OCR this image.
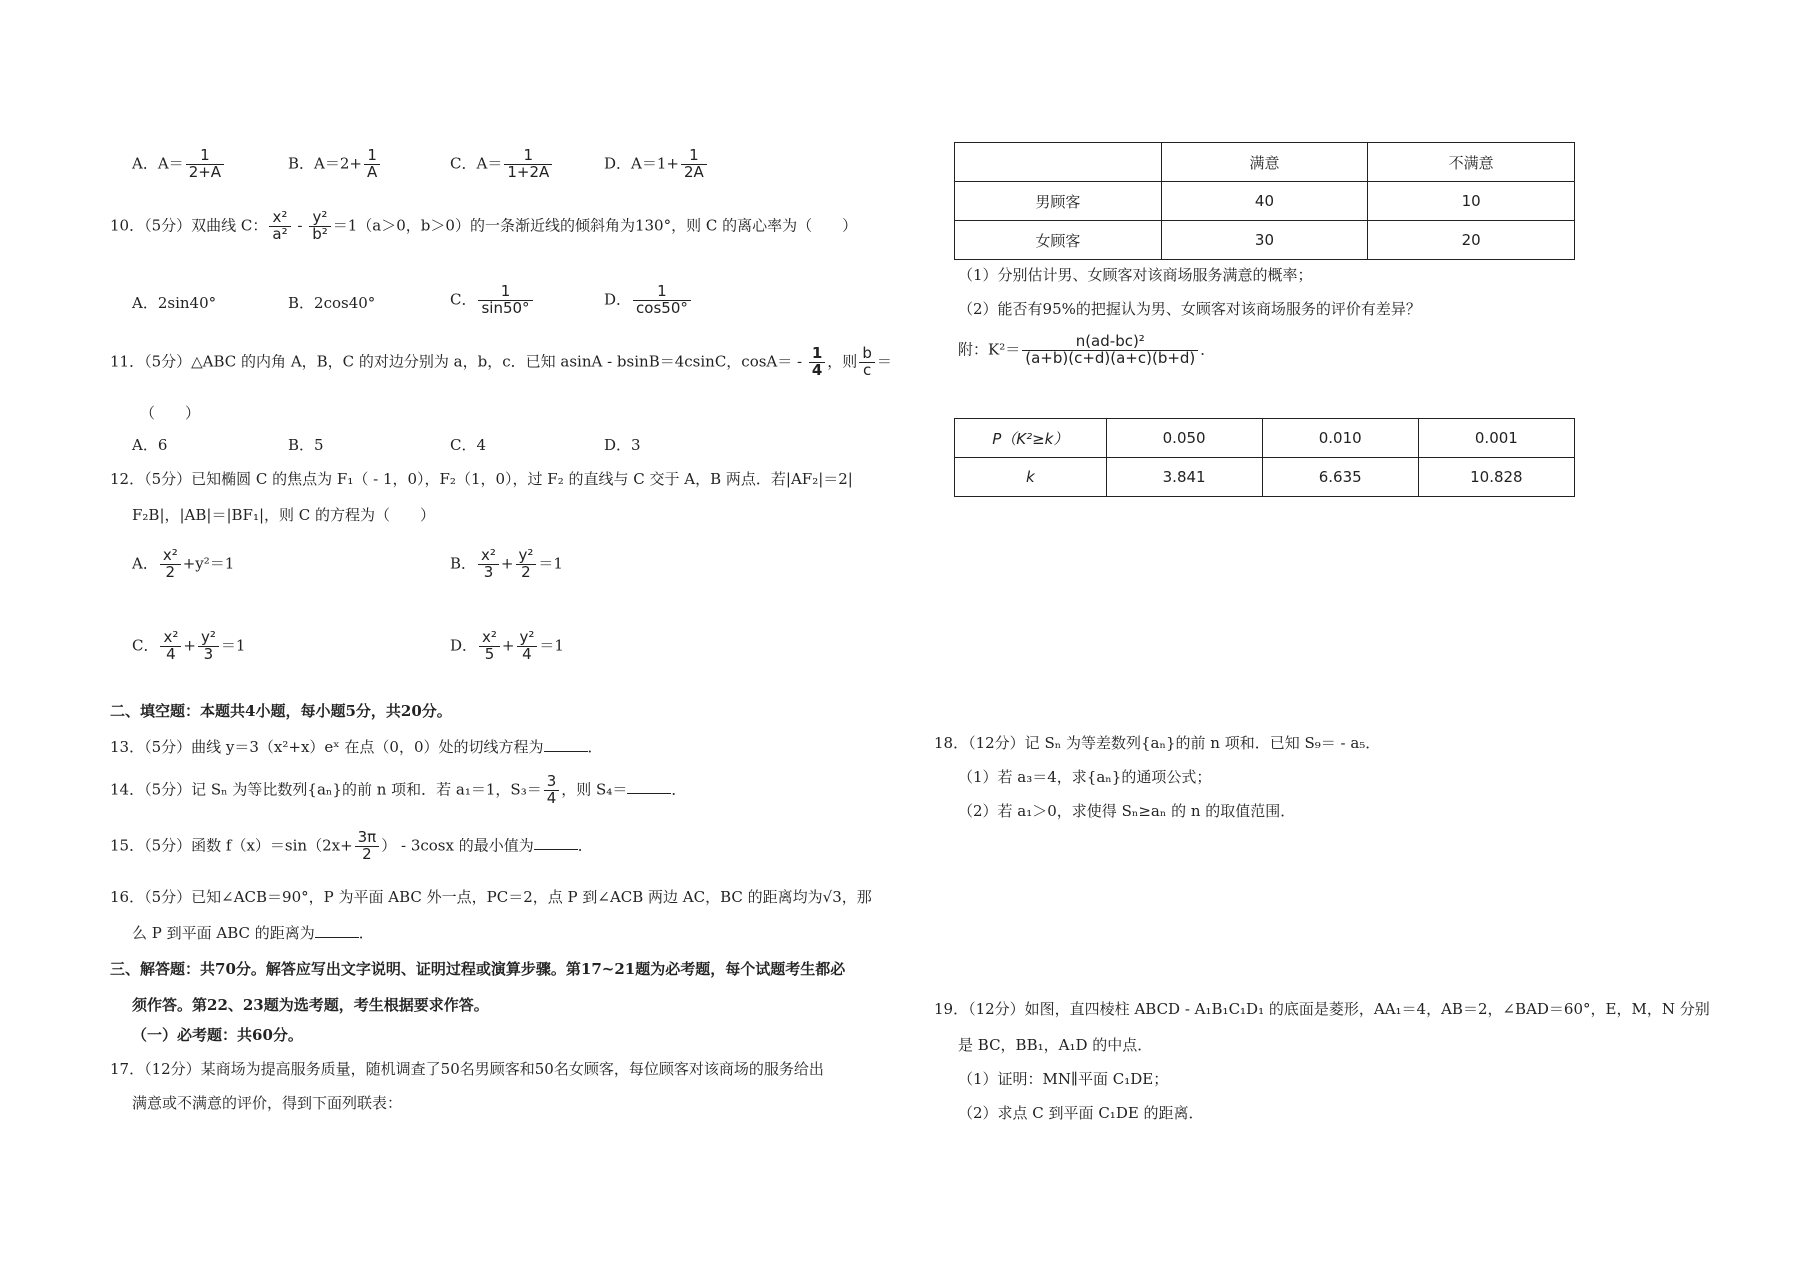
A．$A= \frac{1}{2+A}$	B．$A=2+ \frac{1}{A}$	C．$A= \frac{1}{1+2A}$	D．$A=1+ \frac{1}{2A}$
10．（5分）双曲线 C： $\frac{\text{x²}}{\text{a²}} - \frac{\text{y²}}{\text{b²}} =1(a>0$，b＞0）的一条渐近线的倾斜角为130°，则 C 的离心率为（　　）
A．2sin40°	B．2cos40°	C． $\frac{1}{\sin 50^\circ}$	D． $\frac{1}{\cos 50^\circ}$
11．（5分）△ABC 的内角 A，B，C 的对边分别为 a，b，c．已知 asinA - bsinB＝4csinC，$\cos A= - \frac{1}{4}$ ，则 $\frac{b}{c}$ ＝
（　　）
A．6	B．5	C．4	D．3
12．（5分）已知椭圆 C 的焦点为 F₁（ - 1，0），F₂（1，0），过 F₂ 的直线与 C 交于 A，B 两点．若|AF₂|＝2|
F₂B|，|AB|＝|BF₁|，则 C 的方程为（　　）
A． $\frac{\text{x²}}{2} +y^2=1$	B． $\frac{\text{x²}}{3} + \frac{\text{y²}}{2} =1$
C． $\frac{\text{x²}}{4} + \frac{\text{y²}}{3} =1$	D． $\frac{\text{x²}}{5} + \frac{\text{y²}}{4} =1$
二、填空题：本题共4小题，每小题5分，共20分。
13．（5分）曲线 y＝3（x²+x）eˣ 在点（0，0）处的切线方程为	．
14．（5分）记 Sₙ 为等比数列{aₙ}的前 n 项和．若 a₁＝1，$S_3= \frac{3}{4}$ ，则 S₄＝	．
15．（5分）函数 $f(x)=\sin(2x+ \frac{3\pi}{2}$ ） - 3cosx 的最小值为	．
16．（5分）已知∠ACB＝90°，P 为平面 ABC 外一点，PC＝2，点 P 到∠ACB 两边 AC，BC 的距离均为√3，那
么 P 到平面 ABC 的距离为	．
三、解答题：共70分。解答应写出文字说明、证明过程或演算步骤。第17~21题为必考题，每个试题考生都必
须作答。第22、23题为选考题，考生根据要求作答。
（一）必考题：共60分。
17．（12分）某商场为提高服务质量，随机调查了50名男顾客和50名女顾客，每位顾客对该商场的服务给出
满意或不满意的评价，得到下面列联表：
	满意	不满意
男顾客	40	10
女顾客	30	20
（1）分别估计男、女顾客对该商场服务满意的概率；
（2）能否有95%的把握认为男、女顾客对该商场服务的评价有差异？
附：$K^2= \frac{\text{n(ad-bc)²}}{(a+b)(c+d)(a+c)(b+d)}$ ．
P（K²≥k）	0.050	0.010	0.001
k	3.841	6.635	10.828
18．（12分）记 Sₙ 为等差数列{aₙ}的前 n 项和．已知 S₉＝ - a₅．
（1）若 a₃＝4，求{aₙ}的通项公式；
（2）若 a₁＞0，求使得 Sₙ≥aₙ 的 n 的取值范围．
19．（12分）如图，直四棱柱 ABCD - A₁B₁C₁D₁ 的底面是菱形，AA₁＝4，AB＝2，∠BAD＝60°，E，M，N 分别
是 BC，BB₁，A₁D 的中点．
（1）证明：MN∥平面 C₁DE；
（2）求点 C 到平面 C₁DE 的距离．
